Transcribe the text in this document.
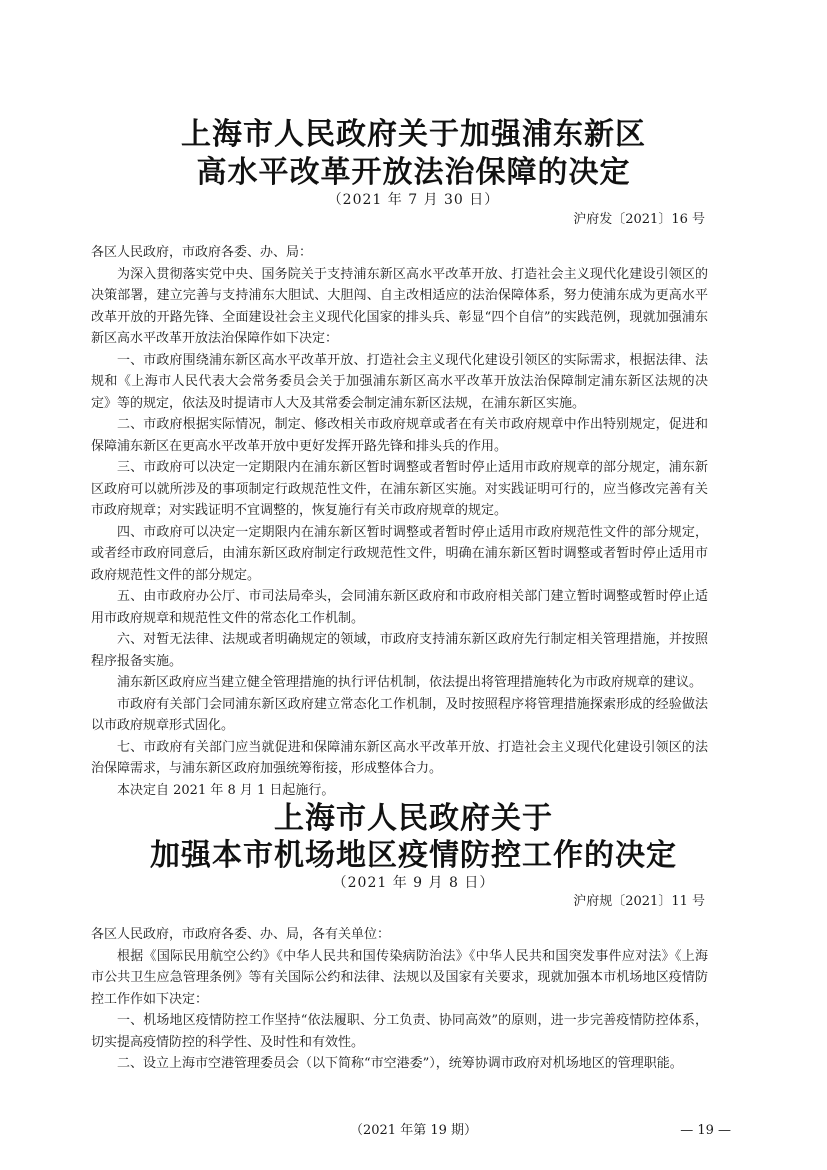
上海市人民政府关于加强浦东新区
高水平改革开放法治保障的决定

（2021 年 7 月 30 日）

沪府发〔2021〕16 号

各区人民政府，市政府各委、办、局：

为深入贯彻落实党中央、国务院关于支持浦东新区高水平改革开放、打造社会主义现代化建设引领区的决策部署，建立完善与支持浦东大胆试、大胆闯、自主改相适应的法治保障体系，努力使浦东成为更高水平改革开放的开路先锋、全面建设社会主义现代化国家的排头兵、彰显“四个自信”的实践范例，现就加强浦东新区高水平改革开放法治保障作如下决定：

一、市政府围绕浦东新区高水平改革开放、打造社会主义现代化建设引领区的实际需求，根据法律、法规和《上海市人民代表大会常务委员会关于加强浦东新区高水平改革开放法治保障制定浦东新区法规的决定》等的规定，依法及时提请市人大及其常委会制定浦东新区法规，在浦东新区实施。

二、市政府根据实际情况，制定、修改相关市政府规章或者在有关市政府规章中作出特别规定，促进和保障浦东新区在更高水平改革开放中更好发挥开路先锋和排头兵的作用。

三、市政府可以决定一定期限内在浦东新区暂时调整或者暂时停止适用市政府规章的部分规定，浦东新区政府可以就所涉及的事项制定行政规范性文件，在浦东新区实施。对实践证明可行的，应当修改完善有关市政府规章；对实践证明不宜调整的，恢复施行有关市政府规章的规定。

四、市政府可以决定一定期限内在浦东新区暂时调整或者暂时停止适用市政府规范性文件的部分规定，或者经市政府同意后，由浦东新区政府制定行政规范性文件，明确在浦东新区暂时调整或者暂时停止适用市政府规范性文件的部分规定。

五、由市政府办公厅、市司法局牵头，会同浦东新区政府和市政府相关部门建立暂时调整或暂时停止适用市政府规章和规范性文件的常态化工作机制。

六、对暂无法律、法规或者明确规定的领域，市政府支持浦东新区政府先行制定相关管理措施，并按照程序报备实施。

浦东新区政府应当建立健全管理措施的执行评估机制，依法提出将管理措施转化为市政府规章的建议。

市政府有关部门会同浦东新区政府建立常态化工作机制，及时按照程序将管理措施探索形成的经验做法以市政府规章形式固化。

七、市政府有关部门应当就促进和保障浦东新区高水平改革开放、打造社会主义现代化建设引领区的法治保障需求，与浦东新区政府加强统筹衔接，形成整体合力。

本决定自 2021 年 8 月 1 日起施行。

上海市人民政府关于
加强本市机场地区疫情防控工作的决定

（2021 年 9 月 8 日）

沪府规〔2021〕11 号

各区人民政府，市政府各委、办、局，各有关单位：

根据《国际民用航空公约》《中华人民共和国传染病防治法》《中华人民共和国突发事件应对法》《上海市公共卫生应急管理条例》等有关国际公约和法律、法规以及国家有关要求，现就加强本市机场地区疫情防控工作作如下决定：

一、机场地区疫情防控工作坚持“依法履职、分工负责、协同高效”的原则，进一步完善疫情防控体系，切实提高疫情防控的科学性、及时性和有效性。

二、设立上海市空港管理委员会（以下简称“市空港委”），统筹协调市政府对机场地区的管理职能。

（2021 年第 19 期）	— 19 —
